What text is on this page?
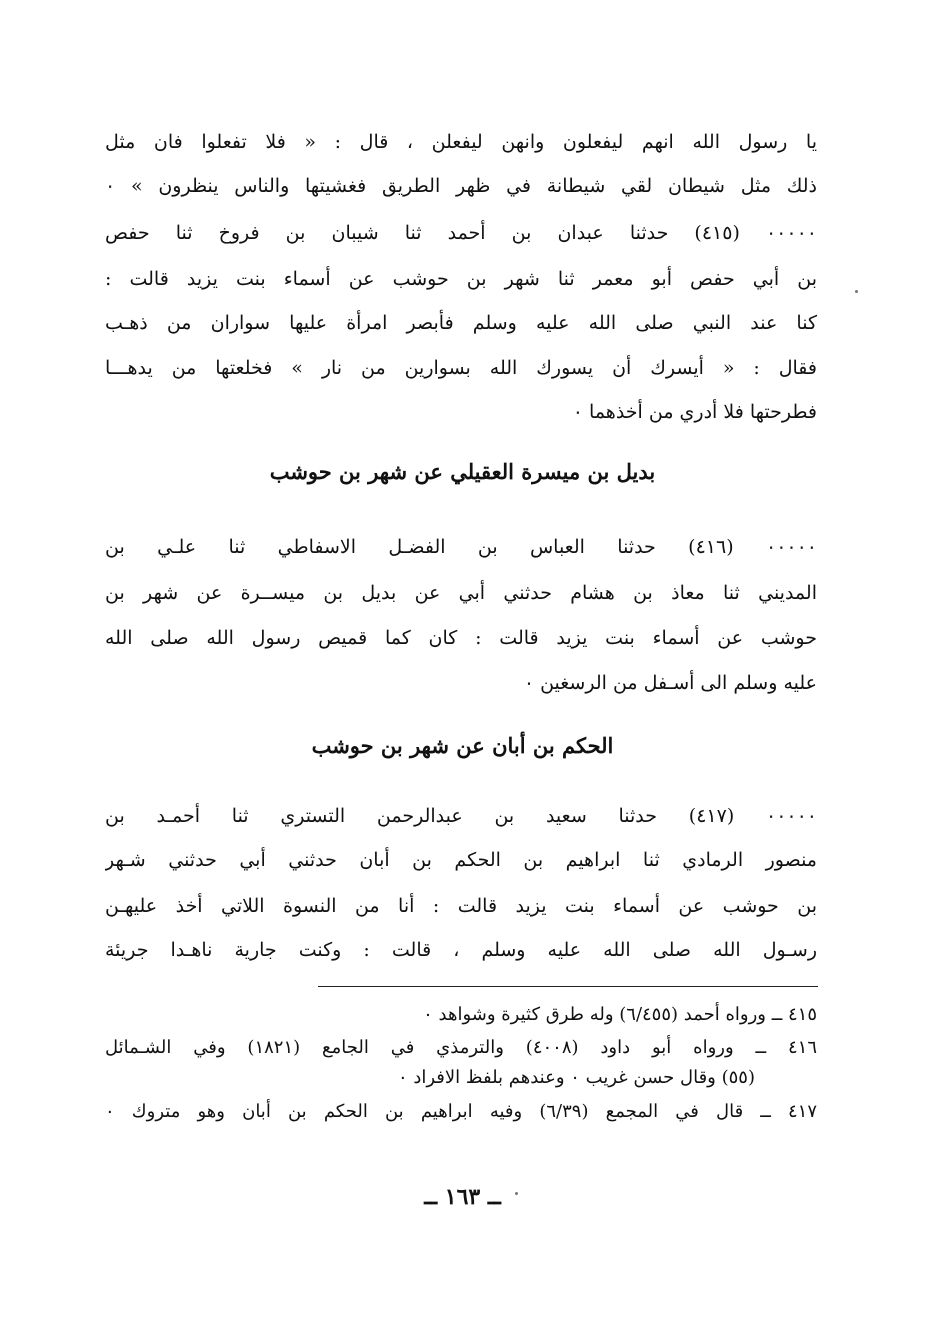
يا رسول الله انهم ليفعلون وانهن ليفعلن ، قال : « فلا تفعلوا فان مثل
ذلك مثل شيطان لقي شيطانة في ظهر الطريق فغشيتها والناس ينظرون » ٠
٠٠٠٠٠ (٤١٥) حدثنا عبدان بن أحمد ثنا شيبان بن فروخ ثنا حفص
بن أبي حفص أبو معمر ثنا شهر بن حوشب عن أسماء بنت يزيد قالت :
كنا عند النبي صلى الله عليه وسلم فأبصر امرأة عليها سواران من ذهـب
فقال : « أيسرك أن يسورك الله بسوارين من نار » فخلعتها من يدهـــا
فطرحتها فلا أدري من أخذهما ٠
بديل بن ميسرة العقيلي عن شهر بن حوشب
٠٠٠٠٠ (٤١٦) حدثنا العباس بن الفضـل الاسفاطي ثنا علـي بن
المديني ثنا معاذ بن هشام حدثني أبي عن بديل بن ميســرة عن شهر بن
حوشب عن أسماء بنت يزيد قالت : كان كما قميص رسول الله صلى الله
عليه وسلم الى أسـفل من الرسغين ٠
الحكم بن أبان عن شهر بن حوشب
٠٠٠٠٠ (٤١٧) حدثنا سعيد بن عبدالرحمن التستري ثنا أحمـد بن
منصور الرمادي ثنا ابراهيم بن الحكم بن أبان حدثني أبي حدثني شـهر
بن حوشب عن أسماء بنت يزيد قالت : أنا من النسوة اللاتي أخذ عليهـن
رسـول الله صلى الله عليه وسلم ، قالت : وكنت جارية ناهـدا جريئة
٤١٥ ــ ورواه أحمد (٦/٤٥٥) وله طرق كثيرة وشواهد ٠
٤١٦ ــ ورواه أبو داود (٤٠٠٨) والترمذي في الجامع (١٨٢١) وفي الشـمائل
(٥٥) وقال حسن غريب ٠ وعندهم بلفظ الافراد ٠
٤١٧ ــ قال في المجمع (٦/٣٩) وفيه ابراهيم بن الحكم بن أبان وهو متروك ٠
ــ ١٦٣ ــ
